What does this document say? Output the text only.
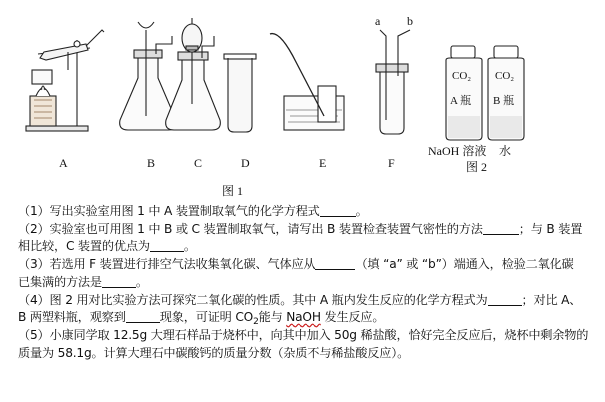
A	B	C	D	E	F
a b
图 1
CO₂
A 瓶
CO₂
B 瓶
NaOH 溶液 水
图 2
（1）写出实验室用图 1 中 A 装置制取氧气的化学方程式	。
（2）实验室也可用图 1 中 B 或 C 装置制取氧气，请写出 B 装置检查装置气密性的方法	；与 B 装置
相比较，C 装置的优点为	。
（3）若选用 F 装置进行排空气法收集氧化碳、气体应从	（填 “a” 或 “b”）端通入，检验二氧化碳
已集满的方法是	。
（4）图 2 用对比实验方法可探究二氧化碳的性质。其中 A 瓶内发生反应的化学方程式为	；对比 A、
B 两塑料瓶，观察到	现象，可证明 $CO_2$能与 NaOH 发生反应。
（5）小康同学取 12.5g 大理石样品于烧杯中，向其中加入 50g 稀盐酸，恰好完全反应后，烧杯中剩余物的
质量为 58.1g。计算大理石中碳酸钙的质量分数（杂质不与稀盐酸反应）。
